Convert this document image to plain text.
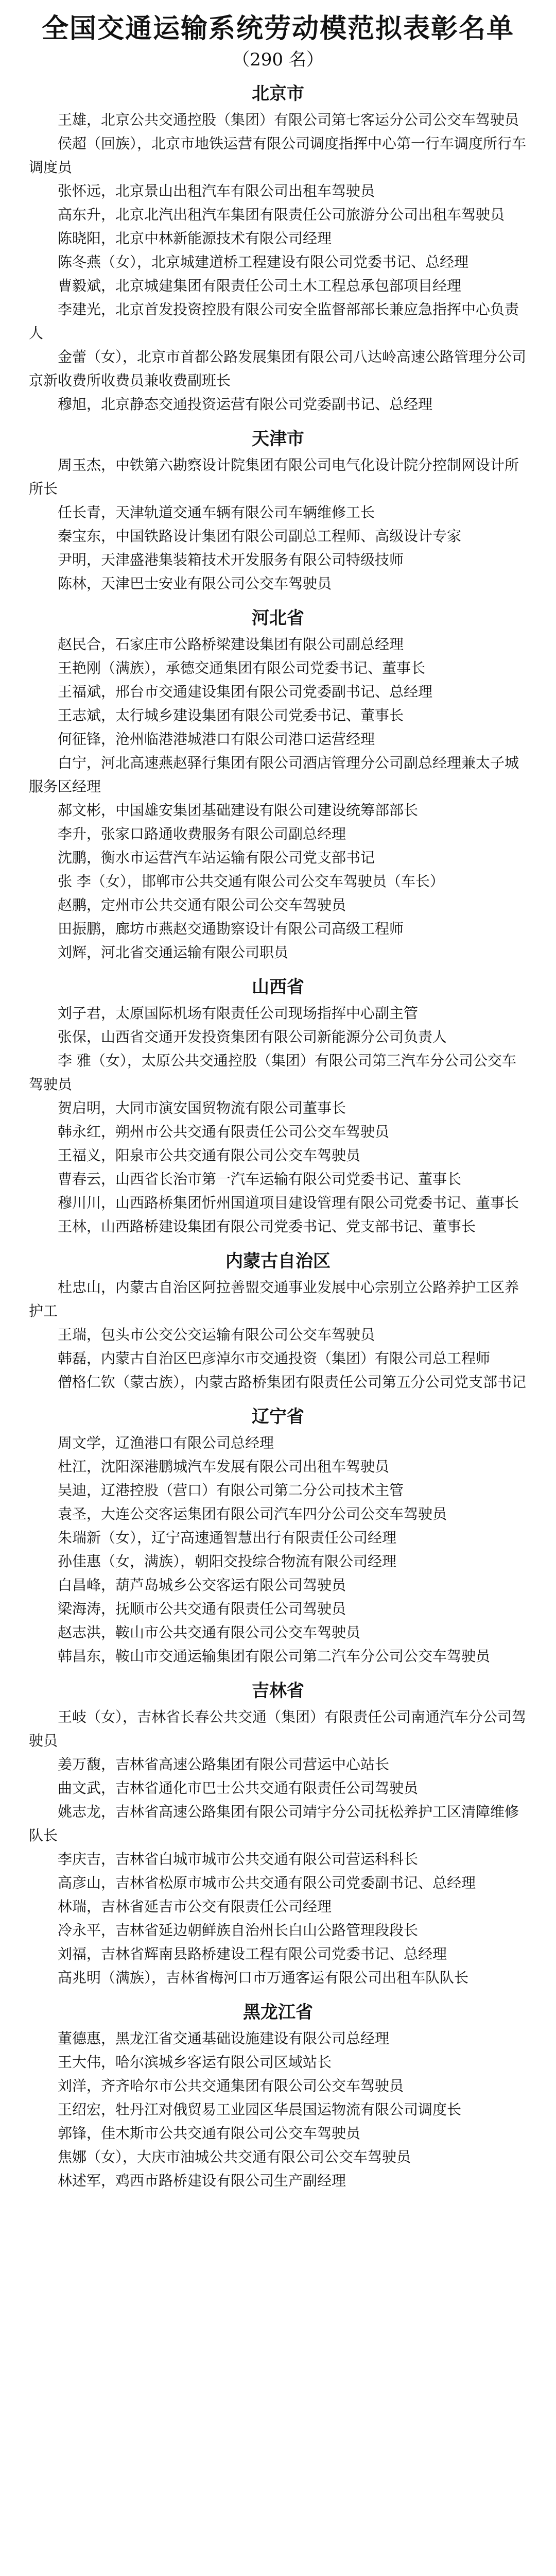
全国交通运输系统劳动模范拟表彰名单
（290 名）
北京市

王雄，北京公共交通控股（集团）有限公司第七客运分公司公交车驾驶员

侯超（回族），北京市地铁运营有限公司调度指挥中心第一行车调度所行车调度员

张怀远，北京景山出租汽车有限公司出租车驾驶员

高东升，北京北汽出租汽车集团有限责任公司旅游分公司出租车驾驶员

陈晓阳，北京中林新能源技术有限公司经理

陈冬燕（女），北京城建道桥工程建设有限公司党委书记、总经理

曹毅斌，北京城建集团有限责任公司土木工程总承包部项目经理

李建光，北京首发投资控股有限公司安全监督部部长兼应急指挥中心负责人

金蕾（女），北京市首都公路发展集团有限公司八达岭高速公路管理分公司京新收费所收费员兼收费副班长

穆旭，北京静态交通投资运营有限公司党委副书记、总经理

天津市

周玉杰，中铁第六勘察设计院集团有限公司电气化设计院分控制网设计所所长

任长青，天津轨道交通车辆有限公司车辆维修工长

秦宝东，中国铁路设计集团有限公司副总工程师、高级设计专家

尹明，天津盛港集装箱技术开发服务有限公司特级技师

陈林，天津巴士安业有限公司公交车驾驶员

河北省

赵民合，石家庄市公路桥梁建设集团有限公司副总经理

王艳刚（满族），承德交通集团有限公司党委书记、董事长

王福斌，邢台市交通建设集团有限公司党委副书记、总经理

王志斌，太行城乡建设集团有限公司党委书记、董事长

何征锋，沧州临港港城港口有限公司港口运营经理

白宁，河北高速燕赵驿行集团有限公司酒店管理分公司副总经理兼太子城服务区经理

郝文彬，中国雄安集团基础建设有限公司建设统筹部部长

李升，张家口路通收费服务有限公司副总经理

沈鹏，衡水市运营汽车站运输有限公司党支部书记

张 李（女），邯郸市公共交通有限公司公交车驾驶员（车长）

赵鹏，定州市公共交通有限公司公交车驾驶员

田振鹏，廊坊市燕赵交通勘察设计有限公司高级工程师

刘辉，河北省交通运输有限公司职员

山西省

刘子君，太原国际机场有限责任公司现场指挥中心副主管

张保，山西省交通开发投资集团有限公司新能源分公司负责人

李 雅（女），太原公共交通控股（集团）有限公司第三汽车分公司公交车驾驶员

贺启明，大同市演安国贸物流有限公司董事长

韩永红，朔州市公共交通有限责任公司公交车驾驶员

王福义，阳泉市公共交通有限公司公交车驾驶员

曹春云，山西省长治市第一汽车运输有限公司党委书记、董事长

穆川川，山西路桥集团忻州国道项目建设管理有限公司党委书记、董事长

王林，山西路桥建设集团有限公司党委书记、党支部书记、董事长

内蒙古自治区

杜忠山，内蒙古自治区阿拉善盟交通事业发展中心宗别立公路养护工区养护工

王瑞，包头市公交公交运输有限公司公交车驾驶员

韩磊，内蒙古自治区巴彦淖尔市交通投资（集团）有限公司总工程师

僧格仁钦（蒙古族），内蒙古路桥集团有限责任公司第五分公司党支部书记

辽宁省

周文学，辽渔港口有限公司总经理

杜江，沈阳深港鹏城汽车发展有限公司出租车驾驶员

吴迪，辽港控股（营口）有限公司第二分公司技术主管

袁圣，大连公交客运集团有限公司汽车四分公司公交车驾驶员

朱瑞新（女），辽宁高速通智慧出行有限责任公司经理

孙佳惠（女，满族），朝阳交投综合物流有限公司经理

白昌峰，葫芦岛城乡公交客运有限公司驾驶员

梁海涛，抚顺市公共交通有限责任公司驾驶员

赵志洪，鞍山市公共交通有限公司公交车驾驶员

韩昌东，鞍山市交通运输集团有限公司第二汽车分公司公交车驾驶员

吉林省

王岐（女），吉林省长春公共交通（集团）有限责任公司南通汽车分公司驾驶员

姜万馥，吉林省高速公路集团有限公司营运中心站长

曲文武，吉林省通化市巴士公共交通有限责任公司驾驶员

姚志龙，吉林省高速公路集团有限公司靖宇分公司抚松养护工区清障维修队长

李庆吉，吉林省白城市城市公共交通有限公司营运科科长

高彦山，吉林省松原市城市公共交通有限公司党委副书记、总经理

林瑞，吉林省延吉市公交有限责任公司经理

冷永平，吉林省延边朝鲜族自治州长白山公路管理段段长

刘福，吉林省辉南县路桥建设工程有限公司党委书记、总经理

高兆明（满族），吉林省梅河口市万通客运有限公司出租车队队长

黑龙江省

董德惠，黑龙江省交通基础设施建设有限公司总经理

王大伟，哈尔滨城乡客运有限公司区域站长

刘洋，齐齐哈尔市公共交通集团有限公司公交车驾驶员

王绍宏，牡丹江对俄贸易工业园区华晨国运物流有限公司调度长

郭锋，佳木斯市公共交通有限公司公交车驾驶员

焦娜（女），大庆市油城公共交通有限公司公交车驾驶员

林述军，鸡西市路桥建设有限公司生产副经理
